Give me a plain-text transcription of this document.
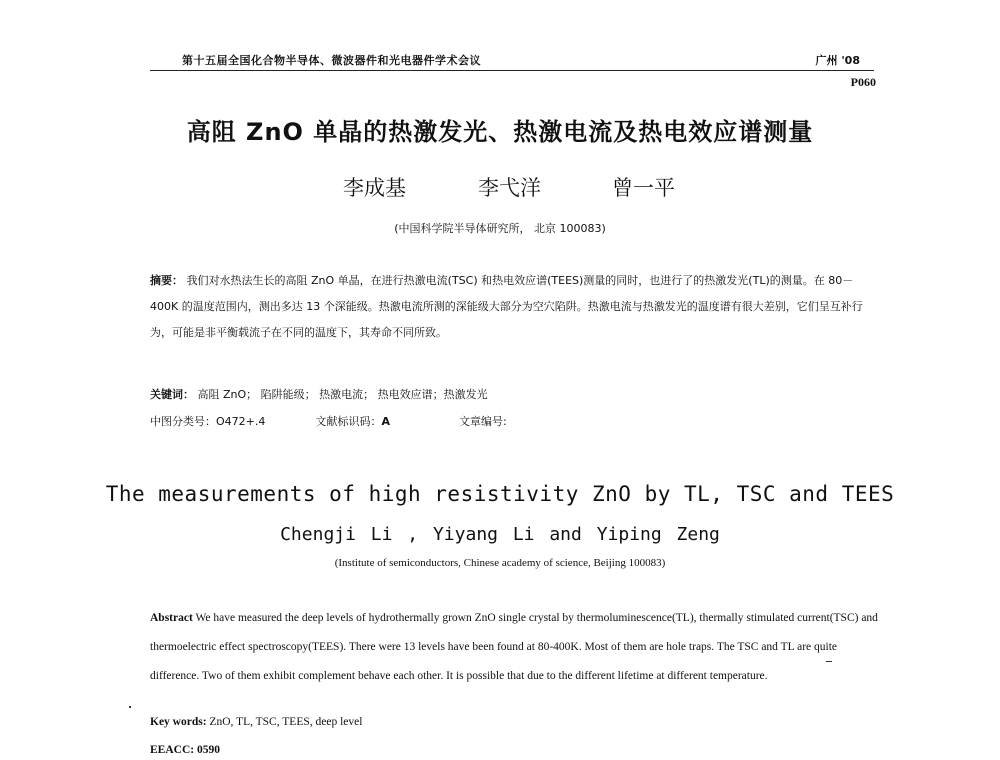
第十五届全国化合物半导体、微波器件和光电器件学术会议	广州 '08
P060
高阻 ZnO 单晶的热激发光、热激电流及热电效应谱测量
李成基	李弋洋	曾一平
(中国科学院半导体研究所， 北京 100083)
摘要： 我们对水热法生长的高阻 ZnO 单晶，在进行热激电流(TSC) 和热电效应谱(TEES)测量的同时，也进行了的热激发光(TL)的测量。在 80－400K 的温度范围内，测出多达 13 个深能级。热激电流所测的深能级大部分为空穴陷阱。热激电流与热激发光的温度谱有很大差别，它们呈互补行为，可能是非平衡载流子在不同的温度下，其寿命不同所致。
关键词： 高阻 ZnO； 陷阱能级； 热激电流； 热电效应谱；热激发光
中图分类号：O472+.4	文献标识码：A	文章编号:
The measurements of high resistivity ZnO by TL, TSC and TEES
Chengji Li , Yiyang Li and Yiping Zeng
(Institute of semiconductors, Chinese academy of science, Beijing 100083)
Abstract We have measured the deep levels of hydrothermally grown ZnO single crystal by thermoluminescence(TL), thermally stimulated current(TSC) and thermoelectric effect spectroscopy(TEES). There were 13 levels have been found at 80-400K. Most of them are hole traps. The TSC and TL are quite difference. Two of them exhibit complement behave each other. It is possible that due to the different lifetime at different temperature.
Key words: ZnO, TL, TSC, TEES, deep level
EEACC: 0590
